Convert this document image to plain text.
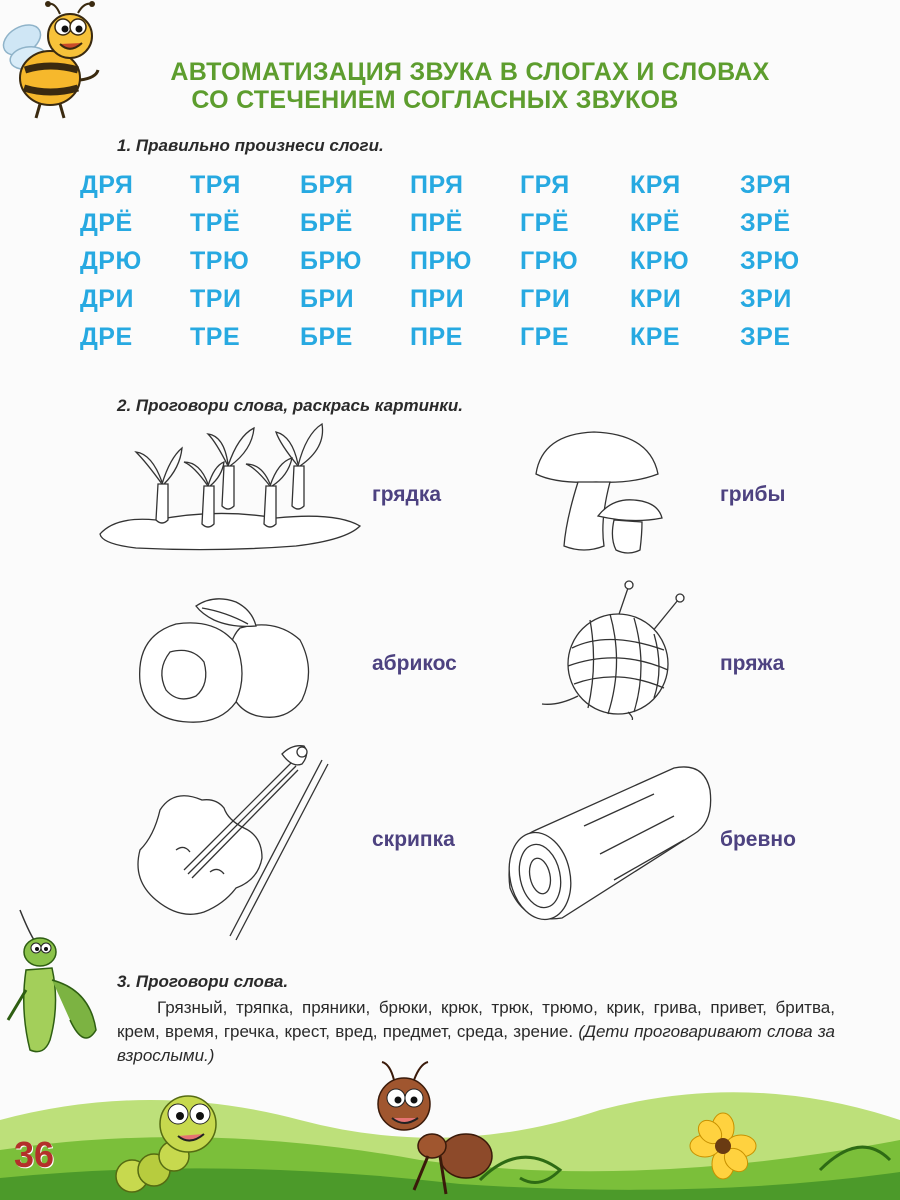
АВТОМАТИЗАЦИЯ ЗВУКА В СЛОГАХ И СЛОВАХ
СО СТЕЧЕНИЕМ СОГЛАСНЫХ ЗВУКОВ
1. Правильно произнеси слоги.
ДРЯ	ТРЯ	БРЯ	ПРЯ	ГРЯ	КРЯ	ЗРЯ
ДРЁ	ТРЁ	БРЁ	ПРЁ	ГРЁ	КРЁ	ЗРЁ
ДРЮ	ТРЮ	БРЮ	ПРЮ	ГРЮ	КРЮ	ЗРЮ
ДРИ	ТРИ	БРИ	ПРИ	ГРИ	КРИ	ЗРИ
ДРЕ	ТРЕ	БРЕ	ПРЕ	ГРЕ	КРЕ	ЗРЕ
2. Проговори слова, раскрась картинки.
грядка	грибы
абрикос	пряжа
скрипка	бревно
3. Проговори слова.
Грязный, тряпка, пряники, брюки, крюк, трюк, трюмо, крик, грива, привет, бритва, крем, время, гречка, крест, вред, предмет, среда, зрение. (Дети проговаривают слова за взрослыми.)
36
